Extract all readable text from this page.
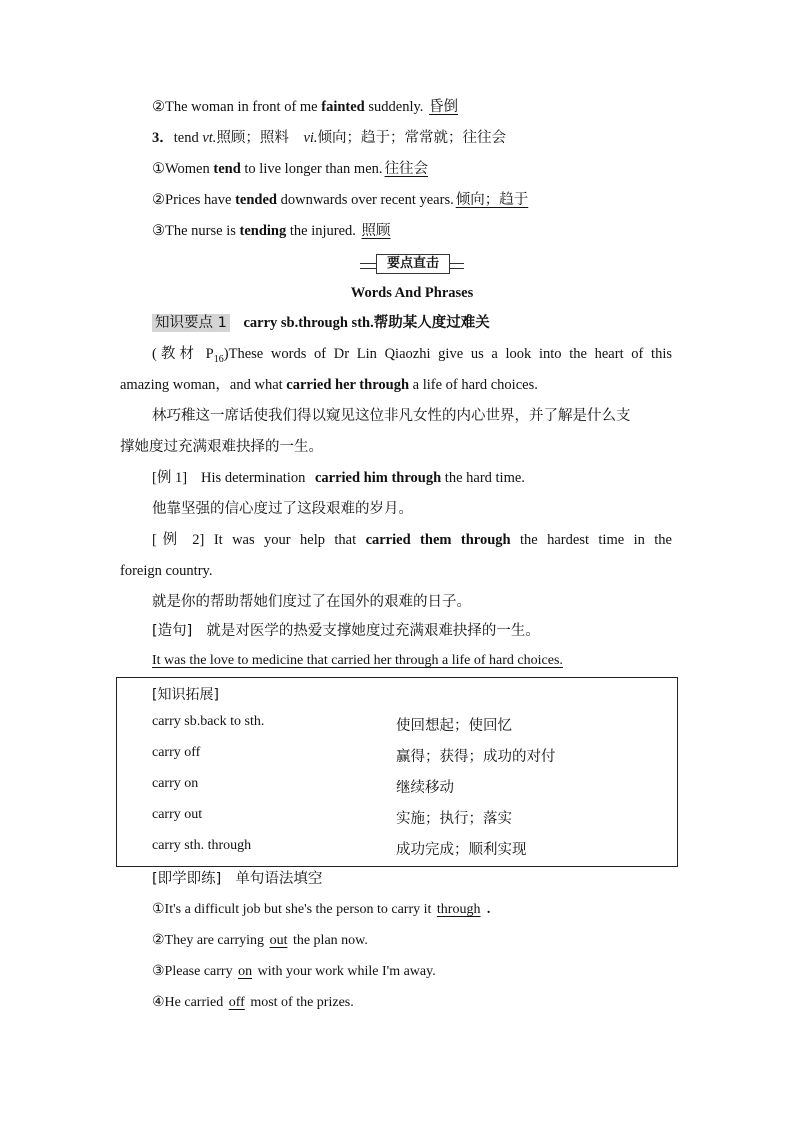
②The woman in front of me fainted suddenly. 昏倒
3．tend vt.照顾；照料　vi.倾向；趋于；常常就；往往会
①Women tend to live longer than men. 往往会
②Prices have tended downwards over recent years. 倾向；趋于
③The nurse is tending the injured. 照顾
要点直击
Words And Phrases
知识要点 1 carry sb.through sth.帮助某人度过难关
(教材 $P_{16})These$ words of Dr Lin Qiaozhi give us a look into the heart of this
amazing woman，and what carried her through a life of hard choices.
林巧稚这一席话使我们得以窥见这位非凡女性的内心世界，并了解是什么支
撑她度过充满艰难抉择的一生。
[例 1] His determination carried him through the hard time.
他靠坚强的信心度过了这段艰难的岁月。
[例 2] It was your help that carried them through the hardest time in the
foreign country.
就是你的帮助帮她们度过了在国外的艰难的日子。
[造句] 就是对医学的热爱支撑她度过充满艰难抉择的一生。
It was the love to medicine that carried her through a life of hard choices.
[知识拓展]
carry sb.back to sth.	使回想起；使回忆
carry off	赢得；获得；成功的对付
carry on	继续移动
carry out	实施；执行；落实
carry sth. through	成功完成；顺利实现
[即学即练] 单句语法填空
①It's a difficult job but she's the person to carry it through .
②They are carrying out the plan now.
③Please carry on with your work while I'm away.
④He carried off most of the prizes.
